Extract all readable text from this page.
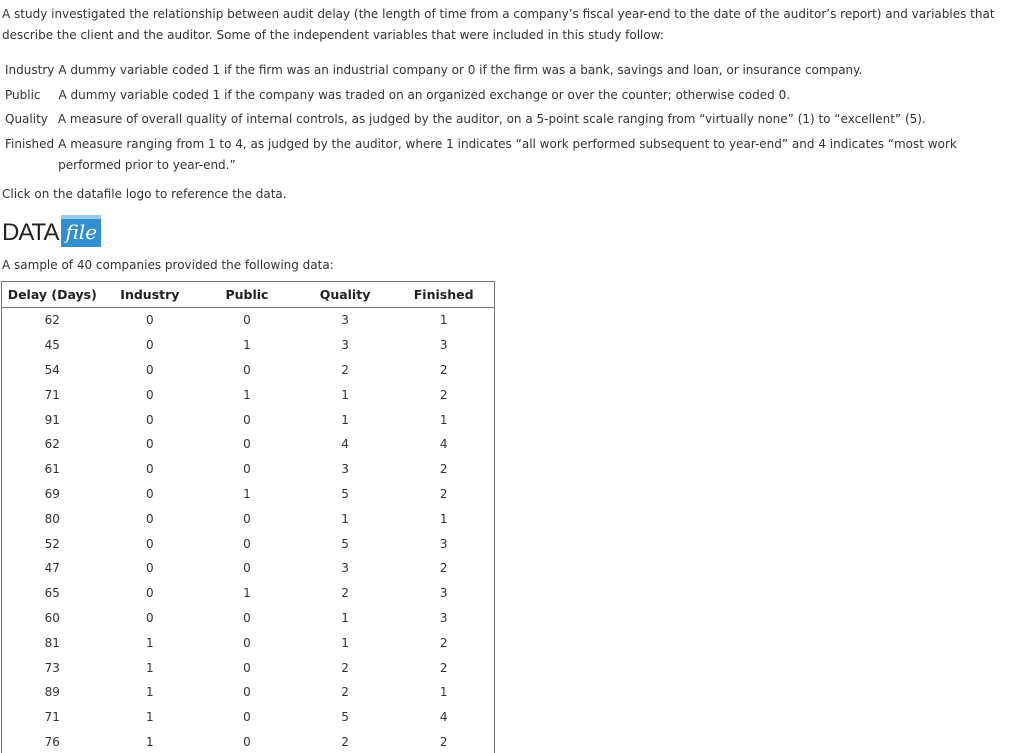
A study investigated the relationship between audit delay (the length of time from a company’s fiscal year-end to the date of the auditor’s report) and variables that describe the client and the auditor. Some of the independent variables that were included in this study follow:

Industry A dummy variable coded 1 if the firm was an industrial company or 0 if the firm was a bank, savings and loan, or insurance company.
Public A dummy variable coded 1 if the company was traded on an organized exchange or over the counter; otherwise coded 0.
Quality A measure of overall quality of internal controls, as judged by the auditor, on a 5-point scale ranging from “virtually none” (1) to “excellent” (5).
Finished A measure ranging from 1 to 4, as judged by the auditor, where 1 indicates “all work performed subsequent to year-end” and 4 indicates “most work performed prior to year-end.”

Click on the datafile logo to reference the data.

DATA file

A sample of 40 companies provided the following data:

Delay (Days)	Industry	Public	Quality	Finished
62	0	0	3	1
45	0	1	3	3
54	0	0	2	2
71	0	1	1	2
91	0	0	1	1
62	0	0	4	4
61	0	0	3	2
69	0	1	5	2
80	0	0	1	1
52	0	0	5	3
47	0	0	3	2
65	0	1	2	3
60	0	0	1	3
81	1	0	1	2
73	1	0	2	2
89	1	0	2	1
71	1	0	5	4
76	1	0	2	2
